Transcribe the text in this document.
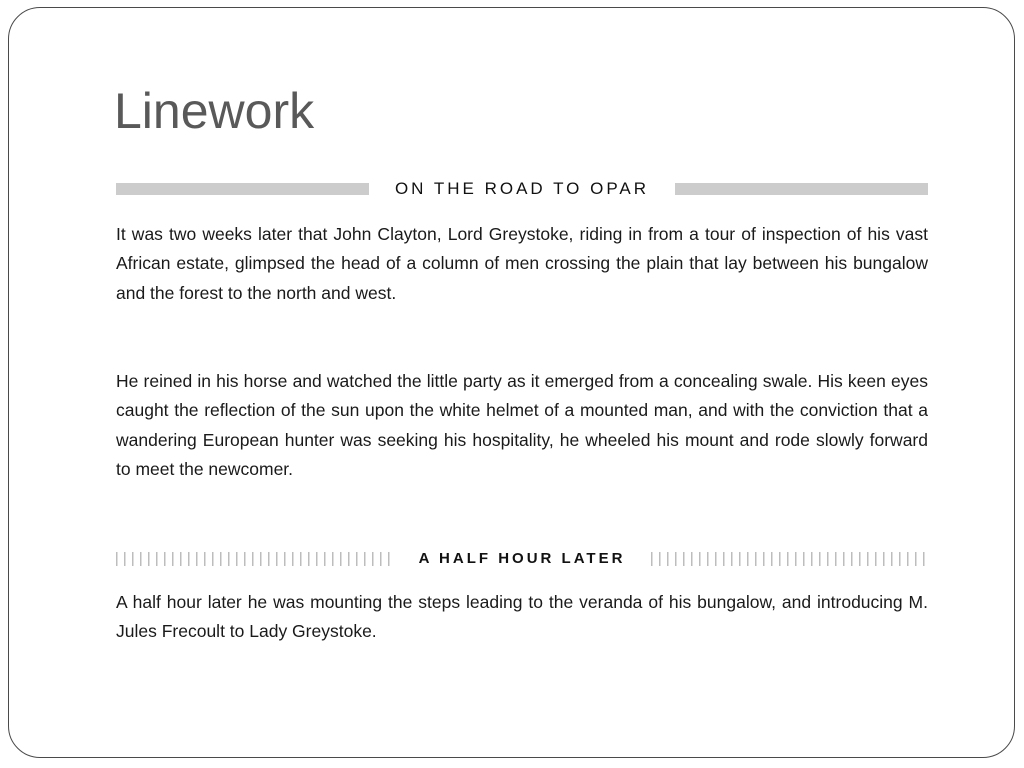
Linework
ON THE ROAD TO OPAR

It was two weeks later that John Clayton, Lord Greystoke, riding in from a tour of inspection of his vast African estate, glimpsed the head of a column of men crossing the plain that lay between his bungalow and the forest to the north and west.

He reined in his horse and watched the little party as it emerged from a concealing swale. His keen eyes caught the reflection of the sun upon the white helmet of a mounted man, and with the conviction that a wandering European hunter was seeking his hospitality, he wheeled his mount and rode slowly forward to meet the newcomer.

A HALF HOUR LATER

A half hour later he was mounting the steps leading to the veranda of his bungalow, and introducing M. Jules Frecoult to Lady Greystoke.
